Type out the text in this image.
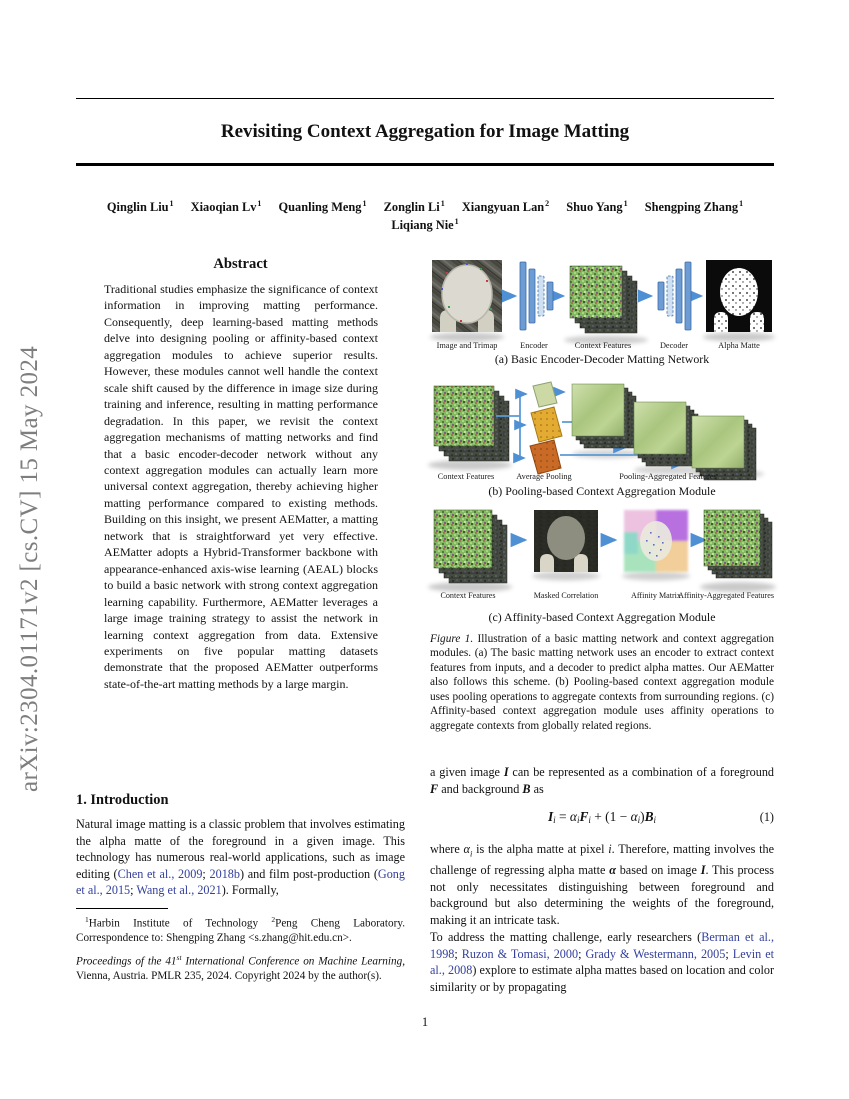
arXiv:2304.01171v2 [cs.CV] 15 May 2024
Revisiting Context Aggregation for Image Matting
Qinglin Liu$^1$ Xiaoqian Lv$^1$ Quanling Meng$^1$ Zonglin Li$^1$ Xiangyuan Lan$^2$ Shuo Yang$^1$ Shengping Zhang$^1$
Liqiang Nie$^1$
Abstract
Traditional studies emphasize the significance of context information in improving matting performance. Consequently, deep learning-based matting methods delve into designing pooling or affinity-based context aggregation modules to achieve superior results. However, these modules cannot well handle the context scale shift caused by the difference in image size during training and inference, resulting in matting performance degradation. In this paper, we revisit the context aggregation mechanisms of matting networks and find that a basic encoder-decoder network without any context aggregation modules can actually learn more universal context aggregation, thereby achieving higher matting performance compared to existing methods. Building on this insight, we present AEMatter, a matting network that is straightforward yet very effective. AEMatter adopts a Hybrid-Transformer backbone with appearance-enhanced axis-wise learning (AEAL) blocks to build a basic network with strong context aggregation learning capability. Furthermore, AEMatter leverages a large image training strategy to assist the network in learning context aggregation from data. Extensive experiments on five popular matting datasets demonstrate that the proposed AEMatter outperforms state-of-the-art matting methods by a large margin.
1. Introduction
Natural image matting is a classic problem that involves estimating the alpha matte of the foreground in a given image. This technology has numerous real-world applications, such as image editing (Chen et al., 2009; 2018b) and film post-production (Gong et al., 2015; Wang et al., 2021). Formally,
$^1$Harbin Institute of Technology $^2$Peng Cheng Laboratory. Correspondence to: Shengping Zhang <s.zhang@hit.edu.cn>.
Proceedings of the 41st International Conference on Machine Learning, Vienna, Austria. PMLR 235, 2024. Copyright 2024 by the author(s).
Image and Trimap	Encoder	Context Features	Decoder	Alpha Matte
(a) Basic Encoder-Decoder Matting Network
Context Features	Average Pooling	Pooling-Aggregated Features
(b) Pooling-based Context Aggregation Module
Context Features	Masked Correlation	Affinity Matrix
Affinity-Aggregated Features
(c) Affinity-based Context Aggregation Module
Figure 1. Illustration of a basic matting network and context aggregation modules. (a) The basic matting network uses an encoder to extract context features from inputs, and a decoder to predict alpha mattes. Our AEMatter also follows this scheme. (b) Pooling-based context aggregation module uses pooling operations to aggregate contexts from surrounding regions. (c) Affinity-based context aggregation module uses affinity operations to aggregate contexts from globally related regions.
a given image I can be represented as a combination of a foreground F and background B as
$I_i = \alpha_iF_i + (1 - \alpha_i)B_i$	(1)
where $\alpha_i$ is the alpha matte at pixel i. Therefore, matting involves the challenge of regressing alpha matte α based on image I. This process not only necessitates distinguishing between foreground and background but also determining the weights of the foreground, making it an intricate task.
To address the matting challenge, early researchers (Berman et al., 1998; Ruzon & Tomasi, 2000; Grady & Westermann, 2005; Levin et al., 2008) explore to estimate alpha mattes based on location and color similarity or by propagating
1
